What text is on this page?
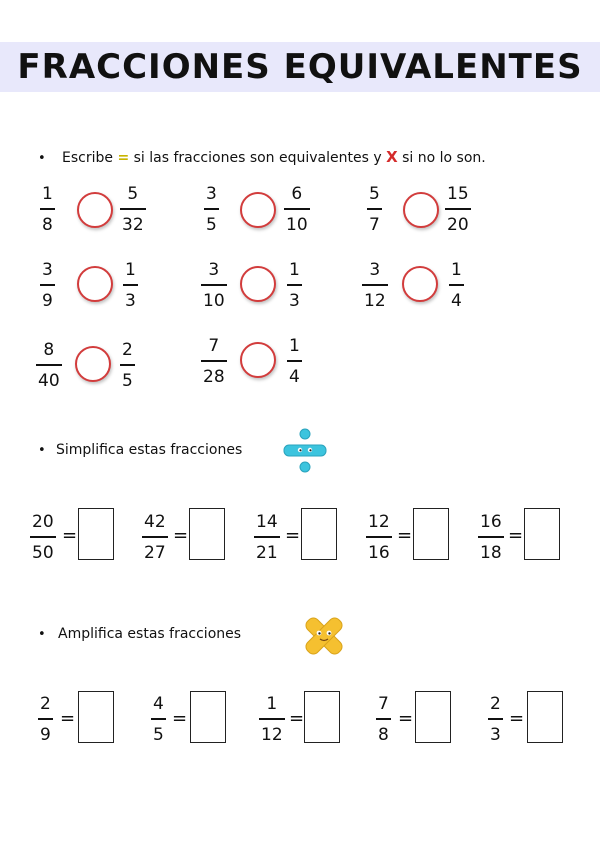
FRACCIONES EQUIVALENTES
• Escribe = si las fracciones son equivalentes y X si no lo son.
1
8
5
32
3
5
6
10
5
7
15
20
3
9
1
3
3
10
1
3
3
12
1
4
8
40
2
5
7
28
1
4
• Simplifica estas fracciones
20
50
=
42
27
=
14
21
=
12
16
=
16
18
=
• Amplifica estas fracciones
2
9
=
4
5
=
1
12
=
7
8
=
2
3
=
